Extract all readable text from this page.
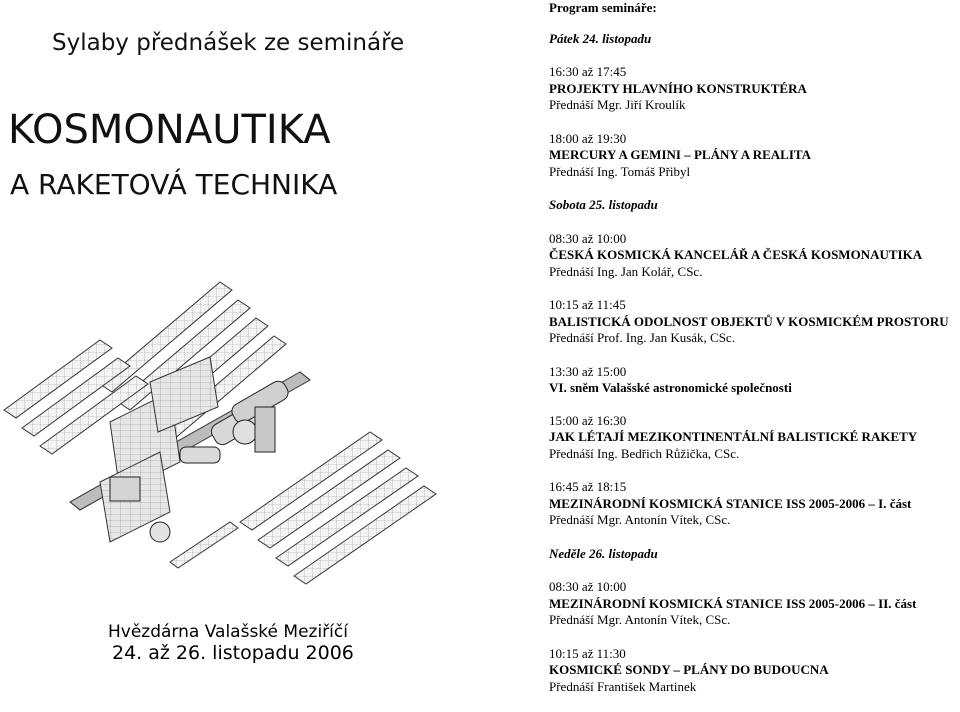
Sylaby přednášek ze semináře
KOSMONAUTIKA
A RAKETOVÁ TECHNIKA
Hvězdárna Valašské Meziříčí
24. až 26. listopadu 2006
Program semináře:
Pátek 24. listopadu
16:30 až 17:45
PROJEKTY HLAVNÍHO KONSTRUKTÉRA
Přednáší Mgr. Jiří Kroulík
18:00 až 19:30
MERCURY A GEMINI – PLÁNY A REALITA
Přednáší Ing. Tomáš Přibyl
Sobota 25. listopadu
08:30 až 10:00
ČESKÁ KOSMICKÁ KANCELÁŘ A ČESKÁ KOSMONAUTIKA
Přednáší Ing. Jan Kolář, CSc.
10:15 až 11:45
BALISTICKÁ ODOLNOST OBJEKTŮ V KOSMICKÉM PROSTORU
Přednáší Prof. Ing. Jan Kusák, CSc.
13:30 až 15:00
VI. sněm Valašské astronomické společnosti
15:00 až 16:30
JAK LÉTAJÍ MEZIKONTINENTÁLNÍ BALISTICKÉ RAKETY
Přednáší Ing. Bedřich Růžička, CSc.
16:45 až 18:15
MEZINÁRODNÍ KOSMICKÁ STANICE ISS 2005-2006 – I. část
Přednáší Mgr. Antonín Vítek, CSc.
Neděle 26. listopadu
08:30 až 10:00
MEZINÁRODNÍ KOSMICKÁ STANICE ISS 2005-2006 – II. část
Přednáší Mgr. Antonín Vítek, CSc.
10:15 až 11:30
KOSMICKÉ SONDY – PLÁNY DO BUDOUCNA
Přednáší František Martinek
